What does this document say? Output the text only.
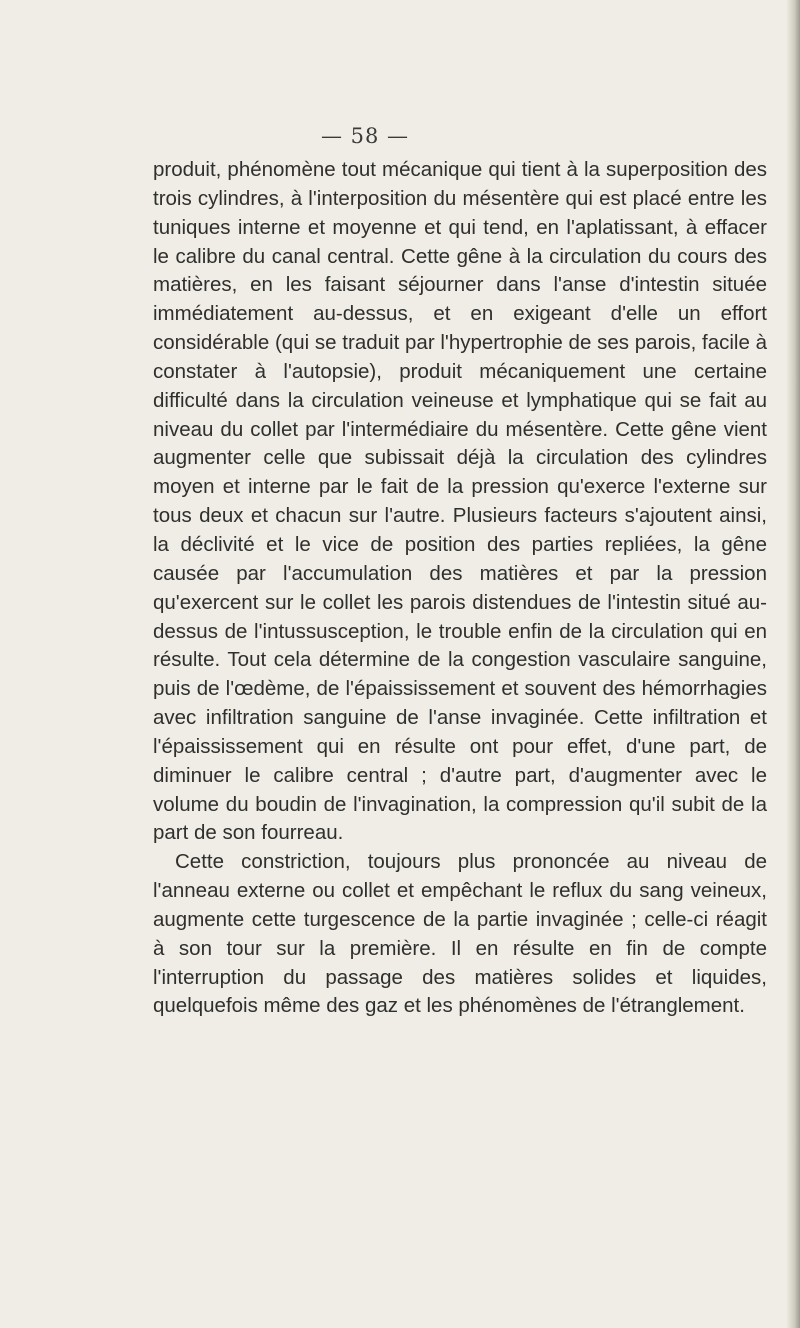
— 58 —

produit, phénomène tout mécanique qui tient à la superposition des trois cylindres, à l'interposition du mésentère qui est placé entre les tuniques interne et moyenne et qui tend, en l'aplatissant, à effacer le calibre du canal central. Cette gêne à la circulation du cours des matières, en les faisant séjourner dans l'anse d'intestin située immédiatement au-dessus, et en exigeant d'elle un effort considérable (qui se traduit par l'hypertrophie de ses parois, facile à constater à l'autopsie), produit mécaniquement une certaine difficulté dans la circulation veineuse et lymphatique qui se fait au niveau du collet par l'intermédiaire du mésentère. Cette gêne vient augmenter celle que subissait déjà la circulation des cylindres moyen et interne par le fait de la pression qu'exerce l'externe sur tous deux et chacun sur l'autre. Plusieurs facteurs s'ajoutent ainsi, la déclivité et le vice de position des parties repliées, la gêne causée par l'accumulation des matières et par la pression qu'exercent sur le collet les parois distendues de l'intestin situé au-dessus de l'intussusception, le trouble enfin de la circulation qui en résulte. Tout cela détermine de la congestion vasculaire sanguine, puis de l'œdème, de l'épaississement et souvent des hémorrhagies avec infiltration sanguine de l'anse invaginée. Cette infiltration et l'épaississement qui en résulte ont pour effet, d'une part, de diminuer le calibre central ; d'autre part, d'augmenter avec le volume du boudin de l'invagination, la compression qu'il subit de la part de son fourreau.

Cette constriction, toujours plus prononcée au niveau de l'anneau externe ou collet et empêchant le reflux du sang veineux, augmente cette turgescence de la partie invaginée ; celle-ci réagit à son tour sur la première. Il en résulte en fin de compte l'interruption du passage des matières solides et liquides, quelquefois même des gaz et les phénomènes de l'étranglement.
